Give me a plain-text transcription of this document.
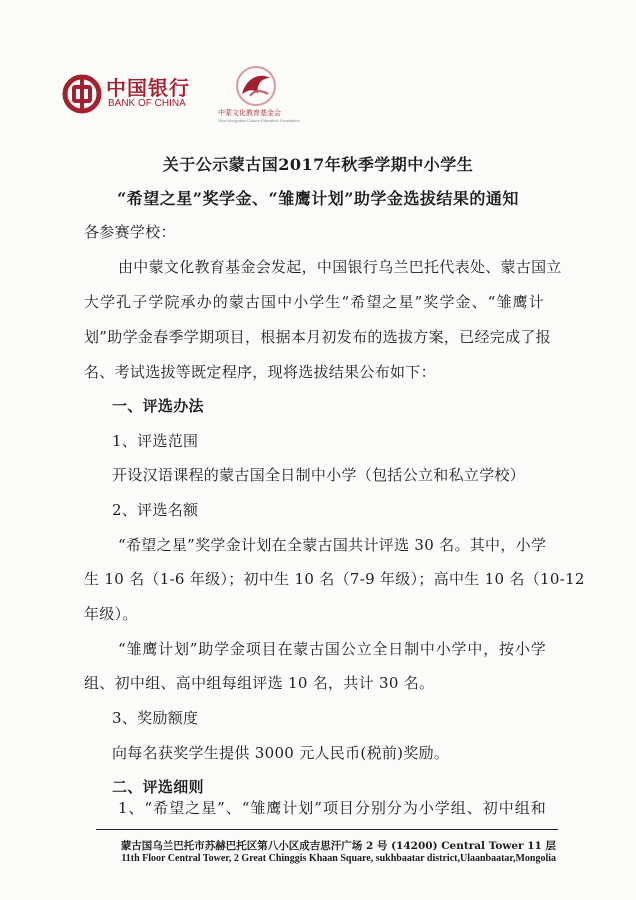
中国银行
BANK OF CHINA
中蒙文化教育基金会
Sino-Mongolian Culture Education Foundation
关于公示蒙古国2017年秋季学期中小学生
“希望之星”奖学金、“雏鹰计划”助学金选拔结果的通知
各参赛学校：
由中蒙文化教育基金会发起，中国银行乌兰巴托代表处、蒙古国立
大学孔子学院承办的蒙古国中小学生“希望之星”奖学金、“雏鹰计
划”助学金春季学期项目，根据本月初发布的选拔方案，已经完成了报
名、考试选拔等既定程序，现将选拔结果公布如下：
一、评选办法
1、评选范围
开设汉语课程的蒙古国全日制中小学（包括公立和私立学校）
2、评选名额
“希望之星”奖学金计划在全蒙古国共计评选 30 名。其中，小学
生 10 名（1-6 年级）；初中生 10 名（7-9 年级）；高中生 10 名（10-12
年级）。
“雏鹰计划”助学金项目在蒙古国公立全日制中小学中，按小学
组、初中组、高中组每组评选 10 名，共计 30 名。
3、奖励额度
向每名获奖学生提供 3000 元人民币(税前)奖励。
二、评选细则
1、“希望之星”、“雏鹰计划”项目分别分为小学组、初中组和
蒙古国乌兰巴托市苏赫巴托区第八小区成吉思汗广场 2 号 (14200) Central Tower 11 层
11th Floor Central Tower, 2 Great Chinggis Khaan Square, sukhbaatar district,Ulaanbaatar,Mongolia
